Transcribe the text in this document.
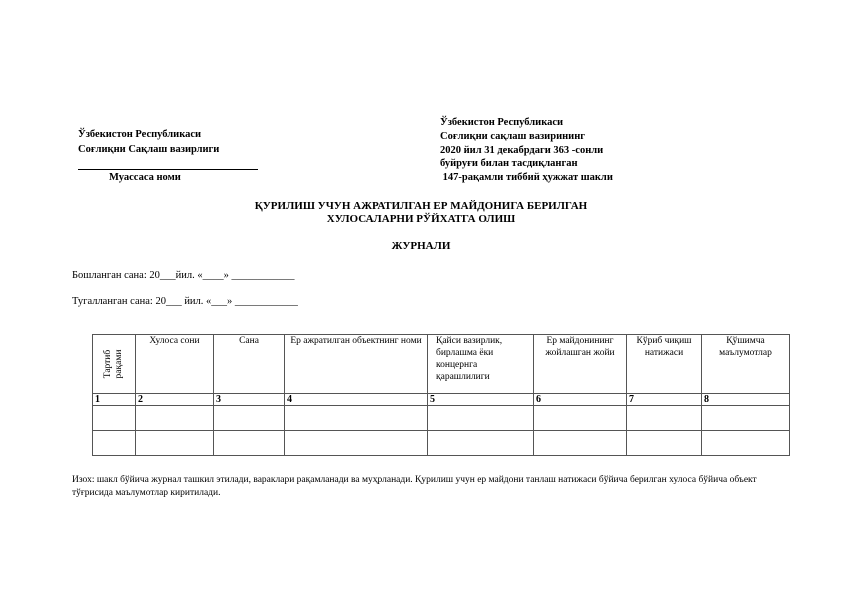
Ўзбекистон Республикаси
Соғлиқни Сақлаш вазирлиги
Муассаса номи
Ўзбекистон Республикаси
Соғлиқни сақлаш вазирининг
2020 йил 31 декабрдаги 363 -сонли
буйруғи билан тасдиқланган
147-рақамли тиббий ҳужжат шакли
ҚУРИЛИШ УЧУН АЖРАТИЛГАН ЕР МАЙДОНИГА БЕРИЛГАН
ХУЛОСАЛАРНИ РЎЙХАТГА ОЛИШ
ЖУРНАЛИ
Бошланган сана: 20___йил. «____» ____________
Тугалланган сана: 20___ йил. «___» ____________
Тартиб рақами	Хулоса сони	Сана	Ер ажратилган объектнинг номи	Қайси вазирлик, бирлашма ёки концернга қарашлилиги	Ер майдонининг жойлашган жойи	Кўриб чиқиш натижаси	Қўшимча маълумотлар
1	2	3	4	5	6	7	8

Изох: шакл бўйича журнал ташкил этилади, вараклари рақамланади ва муҳрланади. Қурилиш учун ер майдони танлаш натижаси бўйича берилган хулоса бўйича объект тўғрисида маълумотлар киритилади.
